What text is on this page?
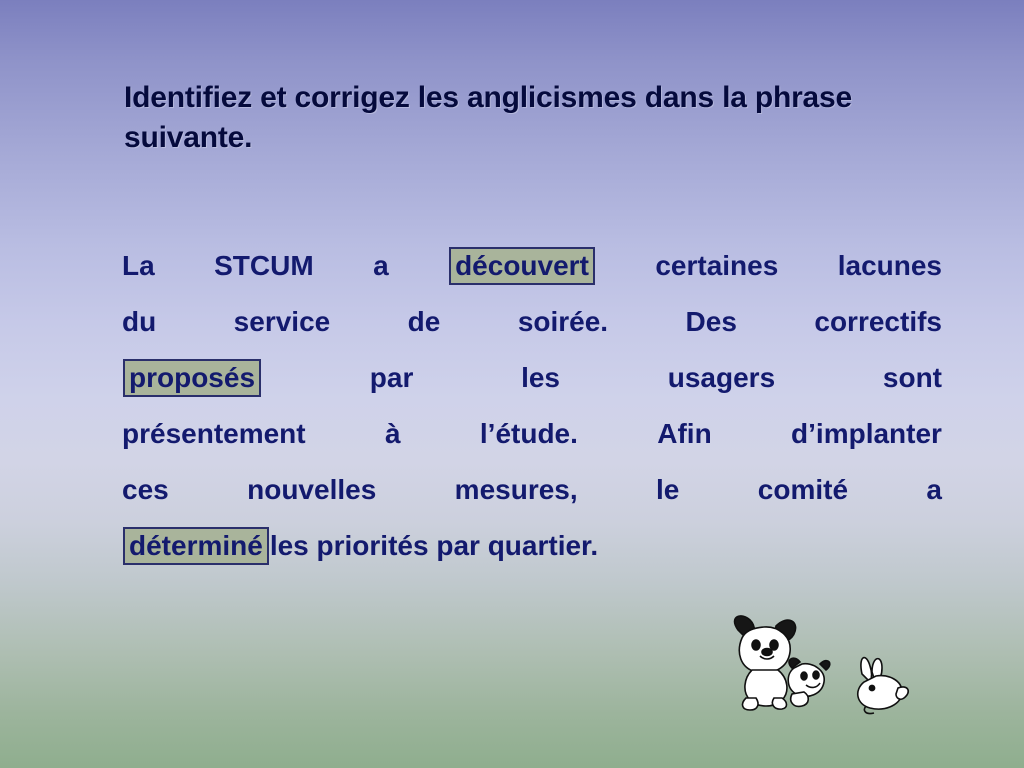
Identifiez et corrigez les anglicismes dans la phrase suivante.
La STCUM a découvert certaines lacunes
du	service	de	soirée.	Des	correctifs
proposés	par	les	usagers	sont
présentement	à	l’étude.	Afin	d’implanter
ces	nouvelles	mesures,	le	comité	a
déterminé les priorités par quartier.
